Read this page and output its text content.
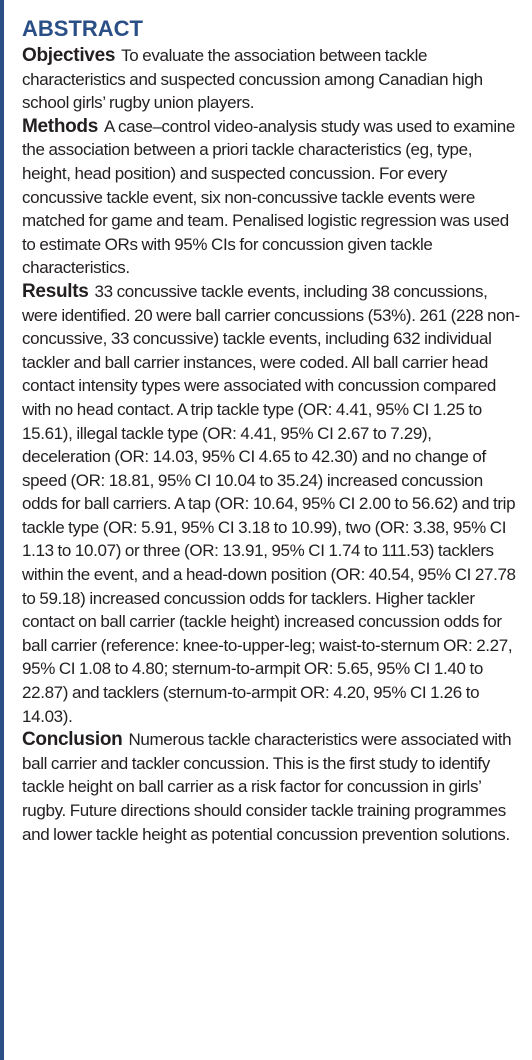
ABSTRACT

Objectives To evaluate the association between tackle characteristics and suspected concussion among Canadian high school girls’ rugby union players.

Methods A case–control video-analysis study was used to examine the association between a priori tackle characteristics (eg, type, height, head position) and suspected concussion. For every concussive tackle event, six non-concussive tackle events were matched for game and team. Penalised logistic regression was used to estimate ORs with 95% CIs for concussion given tackle characteristics.

Results 33 concussive tackle events, including 38 concussions, were identified. 20 were ball carrier concussions (53%). 261 (228 non-concussive, 33 concussive) tackle events, including 632 individual tackler and ball carrier instances, were coded. All ball carrier head contact intensity types were associated with concussion compared with no head contact. A trip tackle type (OR: 4.41, 95% CI 1.25 to 15.61), illegal tackle type (OR: 4.41, 95% CI 2.67 to 7.29), deceleration (OR: 14.03, 95% CI 4.65 to 42.30) and no change of speed (OR: 18.81, 95% CI 10.04 to 35.24) increased concussion odds for ball carriers. A tap (OR: 10.64, 95% CI 2.00 to 56.62) and trip tackle type (OR: 5.91, 95% CI 3.18 to 10.99), two (OR: 3.38, 95% CI 1.13 to 10.07) or three (OR: 13.91, 95% CI 1.74 to 111.53) tacklers within the event, and a head-down position (OR: 40.54, 95% CI 27.78 to 59.18) increased concussion odds for tacklers. Higher tackler contact on ball carrier (tackle height) increased concussion odds for ball carrier (reference: knee-to-upper-leg; waist-to-sternum OR: 2.27, 95% CI 1.08 to 4.80; sternum-to-armpit OR: 5.65, 95% CI 1.40 to 22.87) and tacklers (sternum-to-armpit OR: 4.20, 95% CI 1.26 to 14.03).

Conclusion Numerous tackle characteristics were associated with ball carrier and tackler concussion. This is the first study to identify tackle height on ball carrier as a risk factor for concussion in girls’ rugby. Future directions should consider tackle training programmes and lower tackle height as potential concussion prevention solutions.
